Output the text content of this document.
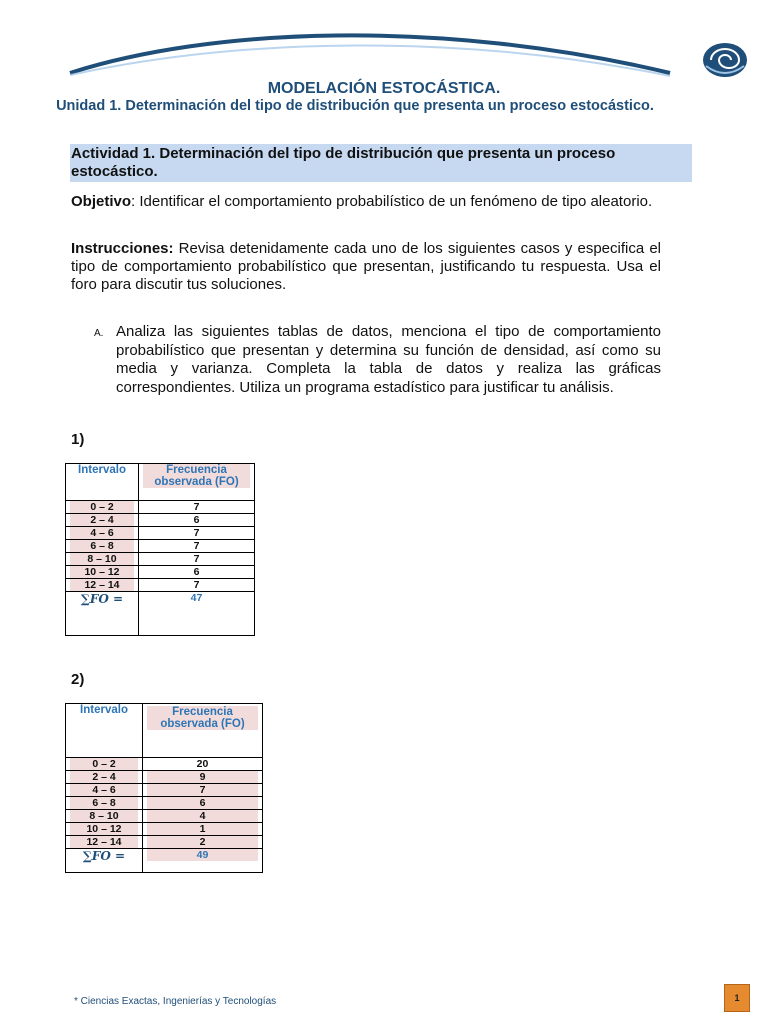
MODELACIÓN ESTOCÁSTICA.
Unidad 1. Determinación del tipo de distribución que presenta un proceso estocástico.
Actividad 1. Determinación del tipo de distribución que presenta un proceso estocástico.
Objetivo: Identificar el comportamiento probabilístico de un fenómeno de tipo aleatorio.
Instrucciones: Revisa detenidamente cada uno de los siguientes casos y especifica el tipo de comportamiento probabilístico que presentan, justificando tu respuesta. Usa el foro para discutir tus soluciones.
A. Analiza las siguientes tablas de datos, menciona el tipo de comportamiento probabilístico que presentan y determina su función de densidad, así como su media y varianza. Completa la tabla de datos y realiza las gráficas correspondientes. Utiliza un programa estadístico para justificar tu análisis.
1)
Intervalo	Frecuencia observada (FO)

0 – 2	7

2 – 4	6

4 – 6	7

6 – 8	7

8 – 10	7

10 – 12	6

12 – 14	7
∑FO =	47
2)
Intervalo	Frecuencia observada (FO)

0 – 2	20

2 – 4	9

4 – 6	7

6 – 8	6

8 – 10	4

10 – 12	1

12 – 14	2

∑FO =	49
* Ciencias Exactas, Ingenierías y Tecnologías	1
